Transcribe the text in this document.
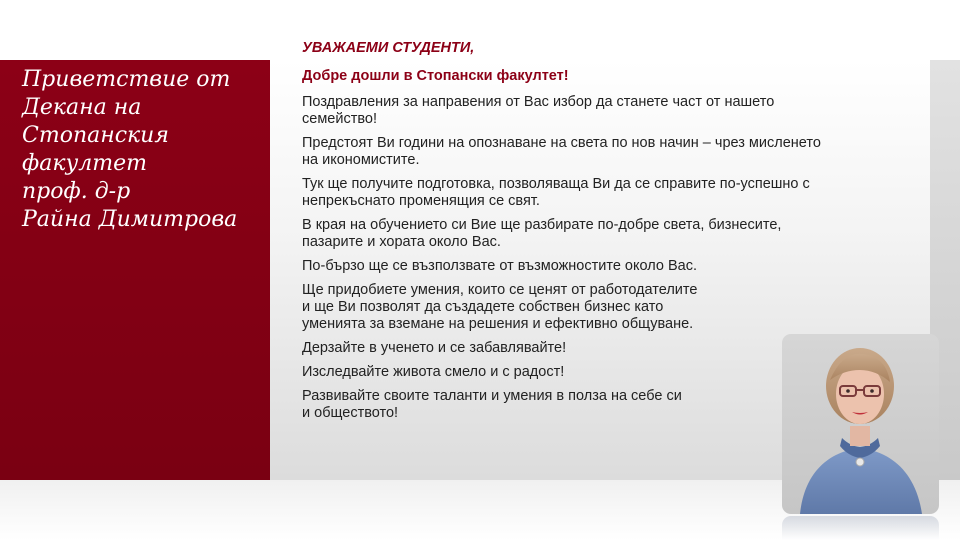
Приветствие от
Декана на
Стопанския
факултет
проф. д-р
Райна Димитрова

УВАЖАЕМИ СТУДЕНТИ,

Добре дошли в Стопански факултет!

Поздравления за направения от Вас избор да станете част от нашето
семейство!

Предстоят Ви години на опознаване на света по нов начин – чрез мисленето
на икономистите.

Тук ще получите подготовка, позволяваща Ви да се справите по-успешно с
непрекъснато променящия се свят.

В края на обучението си Вие ще разбирате по-добре света, бизнесите,
пазарите и хората около Вас.

По-бързо ще се възползвате от възможностите около Вас.

Ще придобиете умения, които се ценят от работодателите
и ще Ви позволят да създадете собствен бизнес като
уменията за вземане на решения и ефективно общуване.

Дерзайте в ученето и се забавлявайте!

Изследвайте живота смело и с радост!

Развивайте своите таланти и умения в полза на себе си
и обществото!
